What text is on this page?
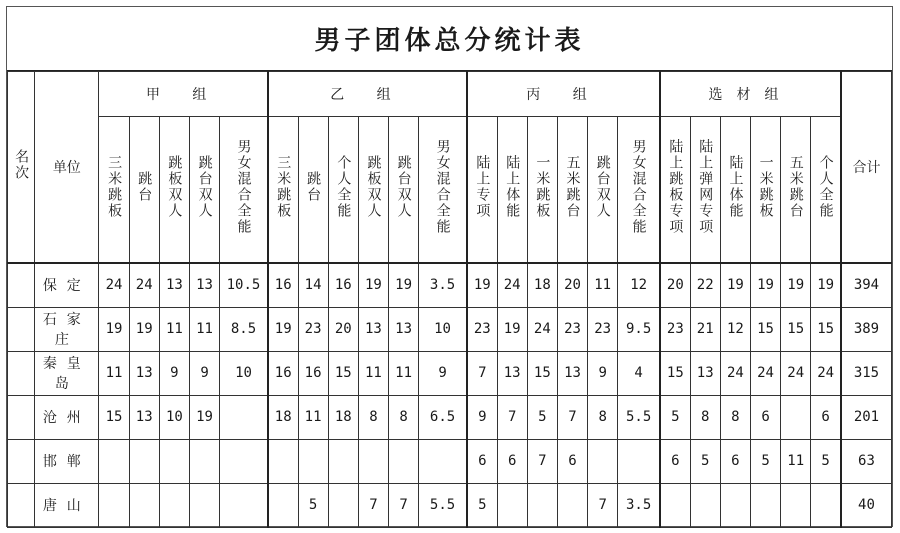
男子团体总分统计表
名次	单位	甲 组					乙 组						丙 组						选材组						合计
		三米跳板	跳台	跳板双人	跳台双人	男女混合全能	三米跳板	跳台	个人全能	跳板双人	跳台双人	男女混合全能	陆上专项	陆上体能	一米跳板	五米跳台	跳台双人	男女混合全能	陆上跳板专项	陆上弹网专项	陆上体能	一米跳板	五米跳台	个人全能	
	保定	24	24	13	13	10.5	16	14	16	19	19	3.5	19	24	18	20	11	12	20	22	19	19	19	19	394
	石家庄	19	19	11	11	8.5	19	23	20	13	13	10	23	19	24	23	23	9.5	23	21	12	15	15	15	389
	秦皇岛	11	13	9	9	10	16	16	15	11	11	9	7	13	15	13	9	4	15	13	24	24	24	24	315
	沧州	15	13	10	19		18	11	18	8	8	6.5	9	7	5	7	8	5.5	5	8	8	6		6	201
	邯郸												6	6	7	6			6	5	6	5	11	5	63
	唐山							5		7	7	5.5	5				7	3.5							40
